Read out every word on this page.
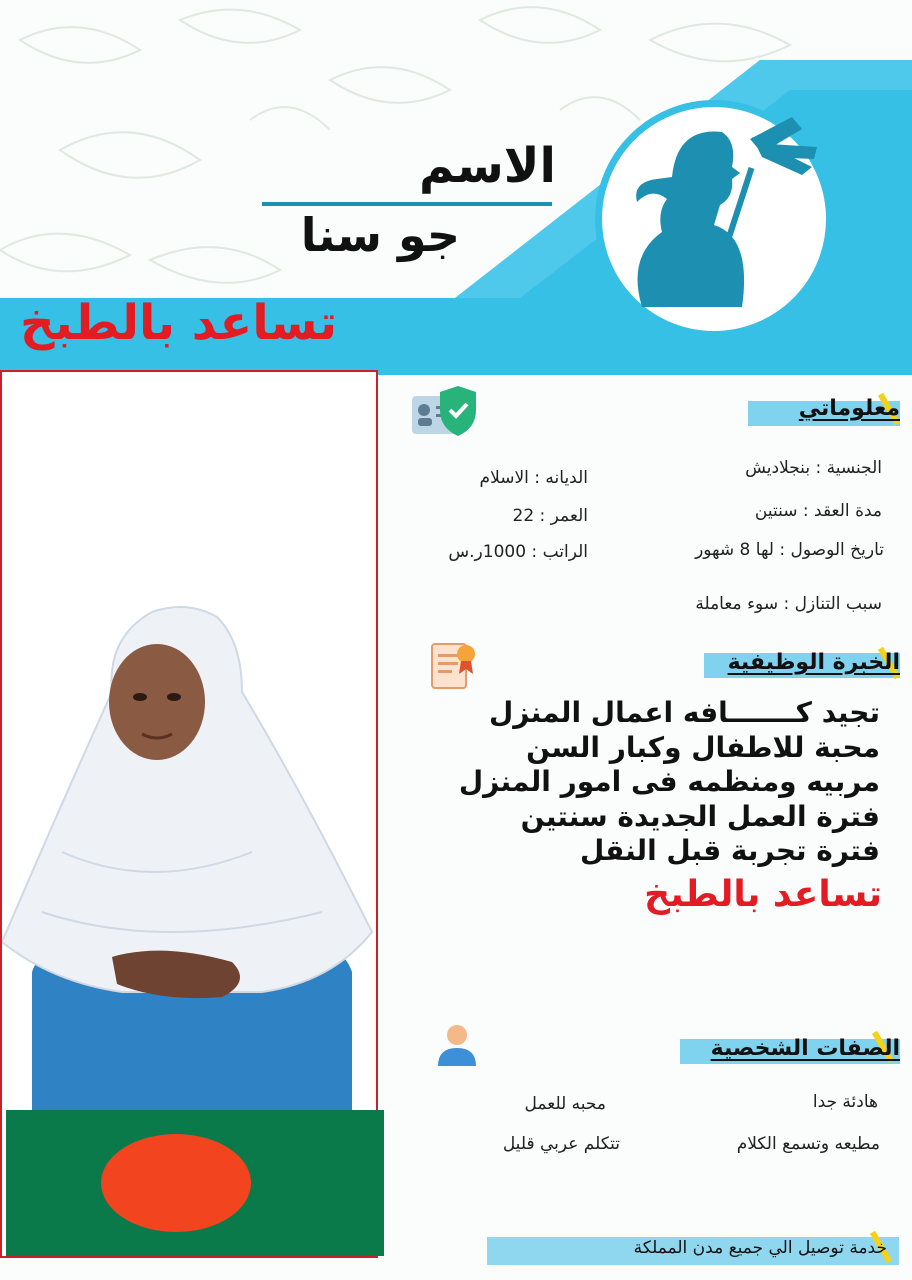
الاسم
جو سنا
تساعد بالطبخ
معلوماتي
الجنسية : بنجلاديش
الديانه : الاسلام
مدة العقد : سنتين
العمر : 22
تاريخ الوصول : لها 8 شهور
الراتب : 1000ر.س
سبب التنازل : سوء معاملة
الخبرة الوظيفية
تجيد كـــــــافه اعمال المنزل
محبة للاطفال وكبار السن
مربيه ومنظمه فى امور المنزل
فترة العمل الجديدة سنتين
فترة تجربة قبل النقل
تساعد بالطبخ
الصفات الشخصية
هادئة جدا
محبه للعمل
مطيعه وتسمع الكلام
تتكلم عربي قليل
خدمة توصيل الي جميع مدن المملكة
